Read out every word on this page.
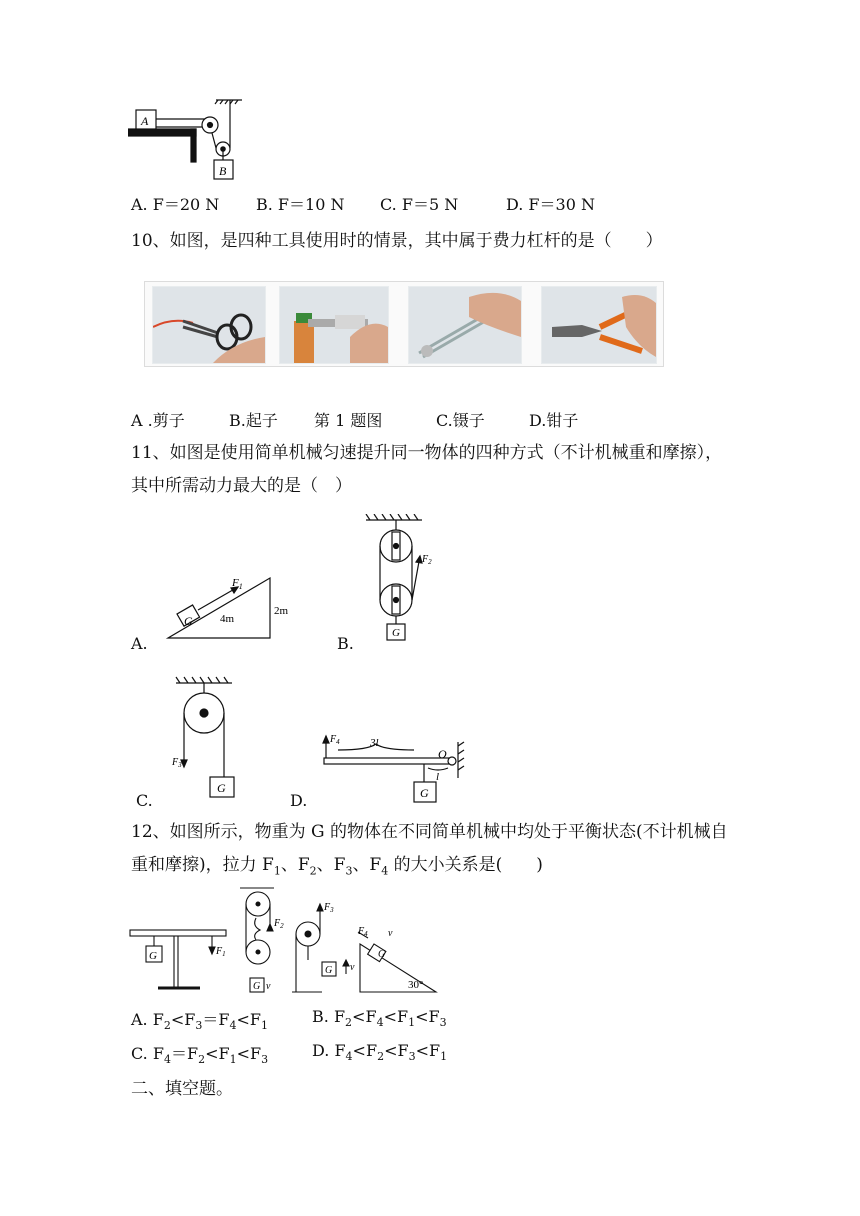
A
B
A. F＝20 N B. F＝10 N C. F＝5 N	D. F＝30 N
10、如图，是四种工具使用时的情景，其中属于费力杠杆的是（　　）
A .剪子	B.起子 第 1 题图	C.镊子	D.钳子
11、如图是使用简单机械匀速提升同一物体的四种方式（不计机械重和摩擦），
其中所需动力最大的是（　）
A.
G
$F_1$
4m
2m
B.
$F_2$
G
C.
$F_3$
G
D.
$F_4$	3l
O
l
G
12、如图所示，物重为 G 的物体在不同简单机械中均处于平衡状态(不计机械自
重和摩擦)，拉力 $F_1$、$F_2$、$F_3$、$F_4$ 的大小关系是(　　)
G	$F_1$
$F_2$
G v
$F_3$
G v
$F_4$ v
G
30°
A. $F_2<F_3=F_4<F_1$	B. $F_2<F_4<F_1<F_3$
C. $F_4=F_2<F_1<F_3$	D. $F_4<F_2<F_3<F_1$
二、填空题。
